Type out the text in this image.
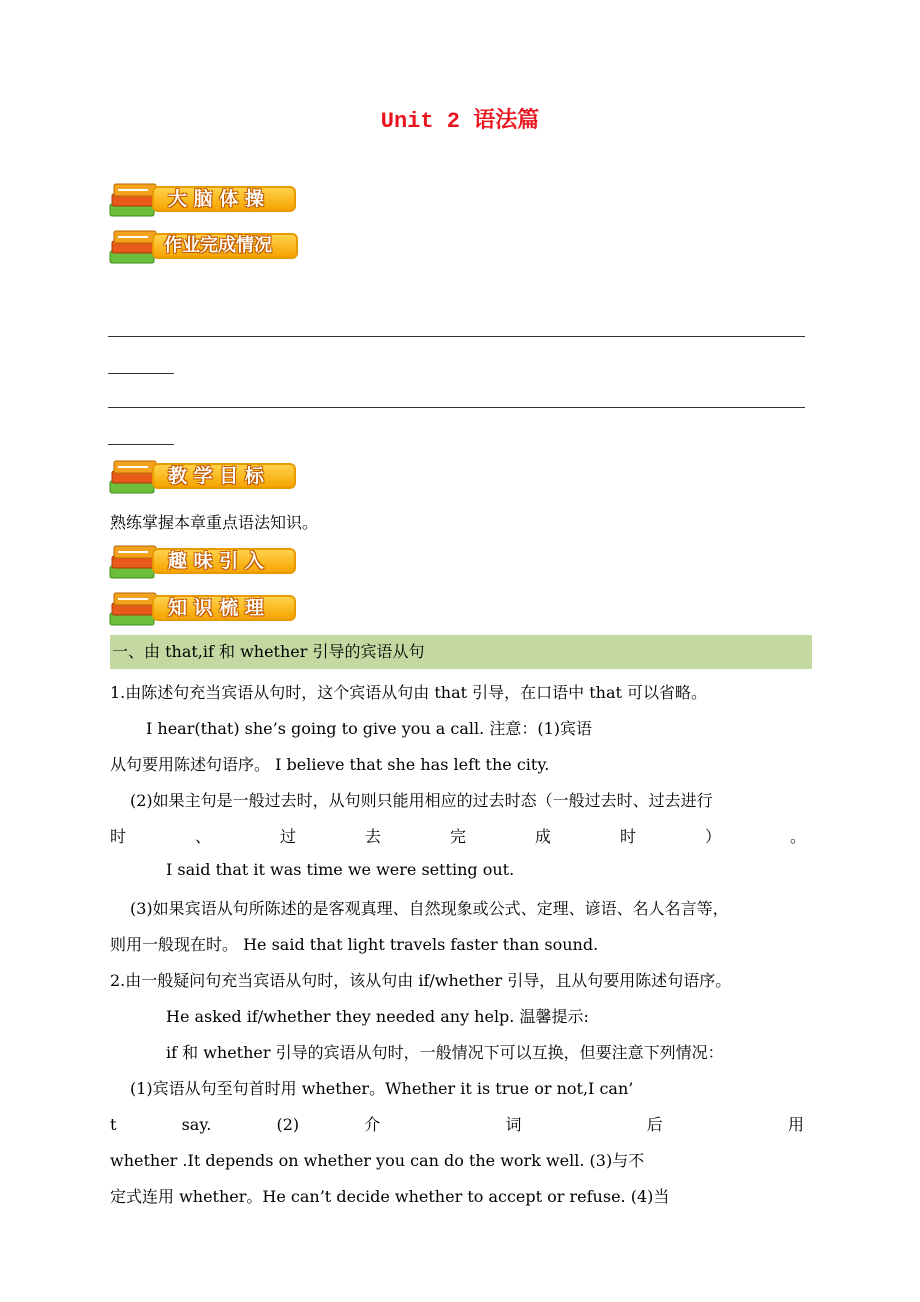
Unit 2 语法篇
大 脑 体 操
作业完成情况
教 学 目 标
熟练掌握本章重点语法知识。
趣 味 引 入
知 识 梳 理
一、由 that,if 和 whether 引导的宾语从句
1.由陈述句充当宾语从句时，这个宾语从句由 that 引导，在口语中 that 可以省略。
I hear(that) she’s going to give you a call. 注意：(1)宾语
从句要用陈述句语序。 I believe that she has left the city.
(2)如果主句是一般过去时，从句则只能用相应的过去时态（一般过去时、过去进行
时 、 过 去 完 成 时 ） 。
I said that it was time we were setting out.
(3)如果宾语从句所陈述的是客观真理、自然现象或公式、定理、谚语、名人名言等，
则用一般现在时。 He said that light travels faster than sound.
2.由一般疑问句充当宾语从句时，该从句由 if/whether 引导，且从句要用陈述句语序。
He asked if/whether they needed any help. 温馨提示:
if 和 whether 引导的宾语从句时，一般情况下可以互换，但要注意下列情况：
(1)宾语从句至句首时用 whether。Whether it is true or not,I can’
t say. (2) 介 词 后 用
whether .It depends on whether you can do the work well. (3)与不
定式连用 whether。He can’t decide whether to accept or refuse. (4)当
